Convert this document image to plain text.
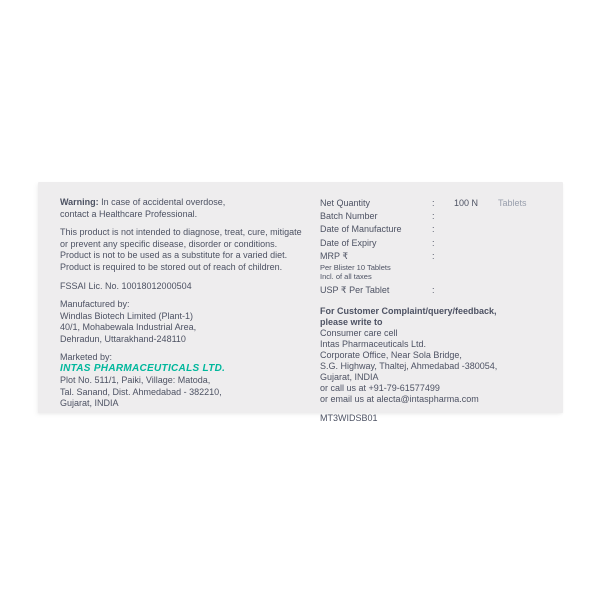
Warning: In case of accidental overdose,
contact a Healthcare Professional.

This product is not intended to diagnose, treat, cure, mitigate
or prevent any specific disease, disorder or conditions.
Product is not to be used as a substitute for a varied diet.
Product is required to be stored out of reach of children.

FSSAI Lic. No. 10018012000504

Manufactured by:
Windlas Biotech Limited (Plant-1)
40/1, Mohabewala Industrial Area,
Dehradun, Uttarakhand-248110

Marketed by:
INTAS PHARMACEUTICALS LTD.
Plot No. 511/1, Paiki, Village: Matoda,
Tal. Sanand, Dist. Ahmedabad - 382210,
Gujarat, INDIA

Net Quantity	:	100 N	Tablets
Batch Number	:
Date of Manufacture	:
Date of Expiry	:
MRP ₹	:
Per Blister 10 Tablets
Incl. of all taxes
USP ₹ Per Tablet	:

For Customer Complaint/query/feedback,
please write to
Consumer care cell
Intas Pharmaceuticals Ltd.
Corporate Office, Near Sola Bridge,
S.G. Highway, Thaltej, Ahmedabad -380054,
Gujarat, INDIA
or call us at +91-79-61577499
or email us at alecta@intaspharma.com

MT3WIDSB01
